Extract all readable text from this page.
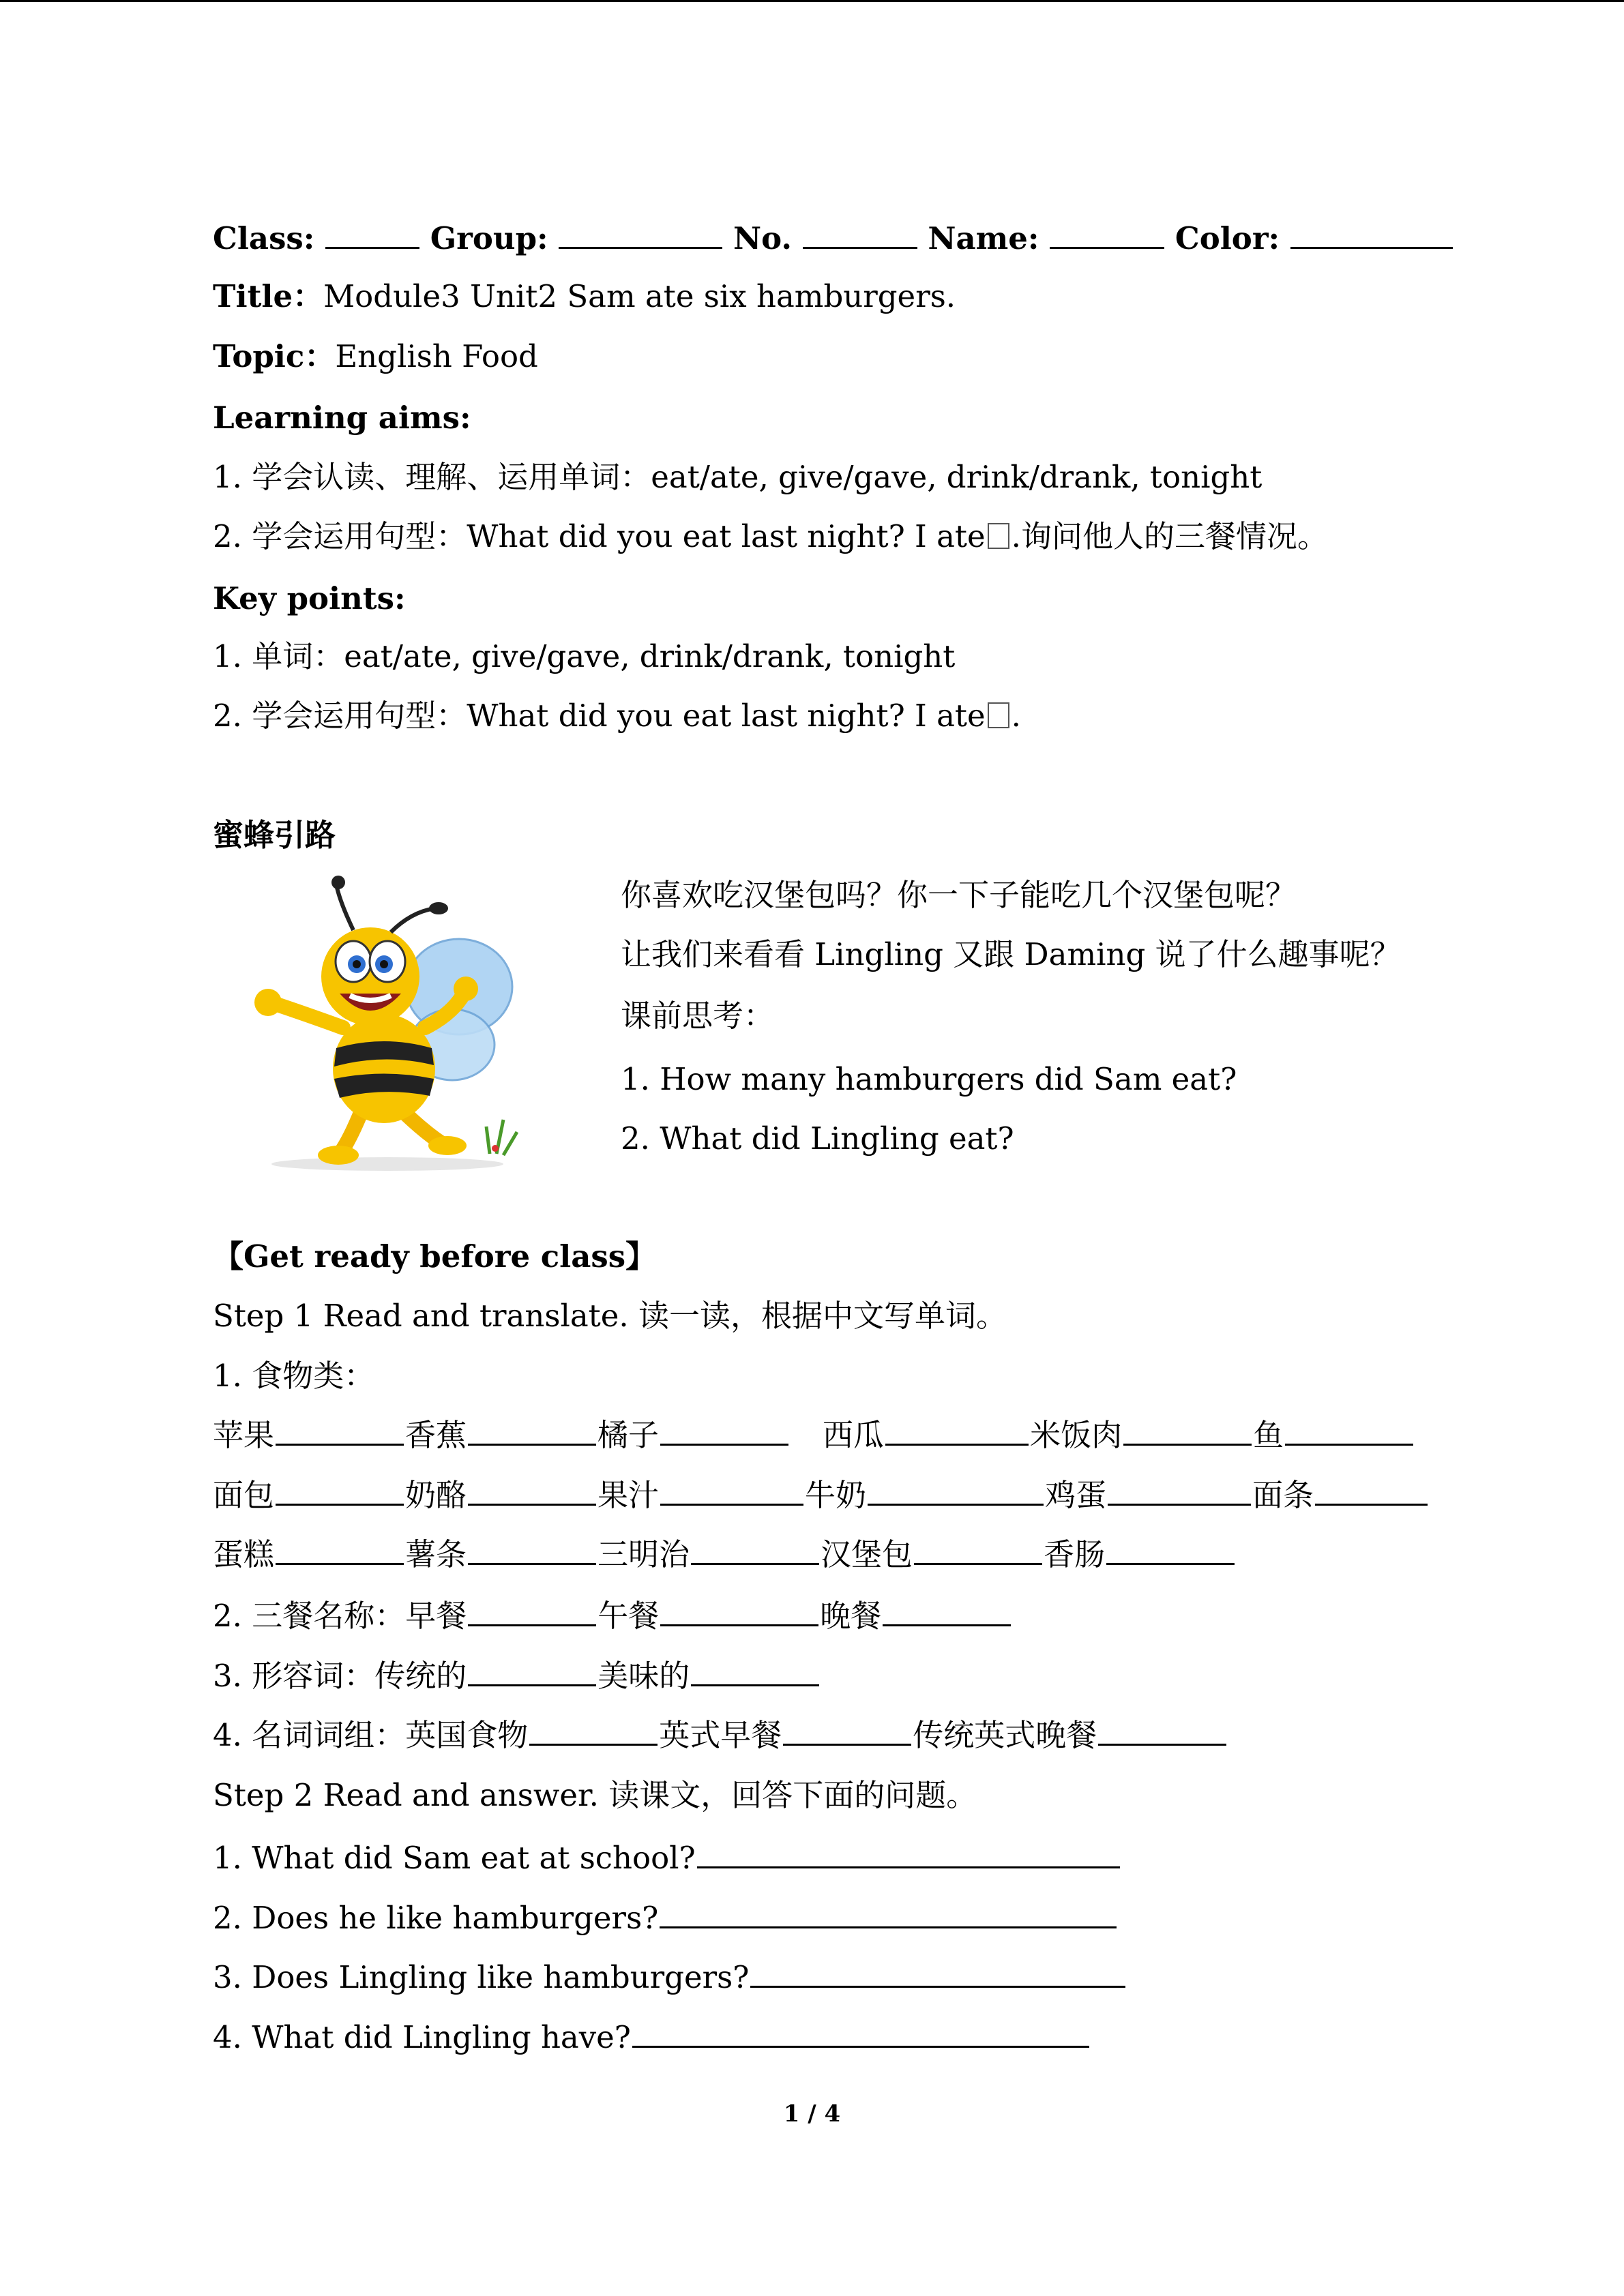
Class:	Group:	No.	Name:	Color:
Title：Module3 Unit2 Sam ate six hamburgers.
Topic：English Food
Learning aims:
1. 学会认读、理解、运用单词：eat/ate, give/gave, drink/drank, tonight
2. 学会运用句型：What did you eat last night? I ate .询问他人的三餐情况。
Key points:
1. 单词：eat/ate, give/gave, drink/drank, tonight
2. 学会运用句型：What did you eat last night? I ate .
蜜蜂引路
你喜欢吃汉堡包吗？你一下子能吃几个汉堡包呢？
让我们来看看 Lingling 又跟 Daming 说了什么趣事呢？
课前思考：
1. How many hamburgers did Sam eat?
2. What did Lingling eat?
【Get ready before class】
Step 1 Read and translate. 读一读，根据中文写单词。
1. 食物类：
苹果	香蕉	橘子	西瓜	米饭肉	鱼
面包	奶酪	果汁	牛奶	鸡蛋	面条
蛋糕	薯条	三明治	汉堡包	香肠
2. 三餐名称：早餐	午餐	晚餐
3. 形容词：传统的	美味的
4. 名词词组：英国食物	英式早餐	传统英式晚餐
Step 2 Read and answer. 读课文，回答下面的问题。
1. What did Sam eat at school?
2. Does he like hamburgers?
3. Does Lingling like hamburgers?
4. What did Lingling have?
1 / 4
